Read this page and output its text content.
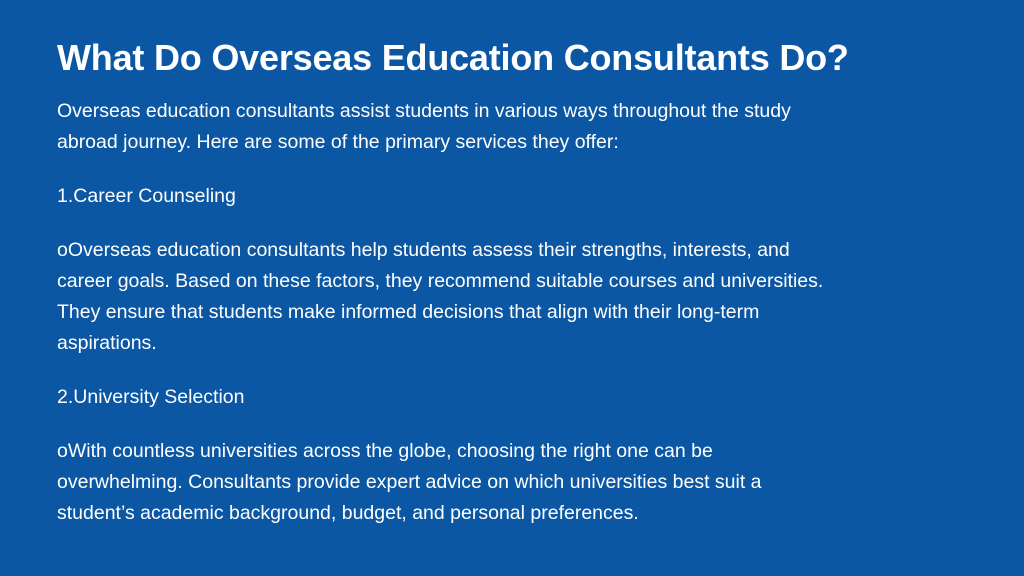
What Do Overseas Education Consultants Do?

Overseas education consultants assist students in various ways throughout the study abroad journey. Here are some of the primary services they offer:

1.Career Counseling

oOverseas education consultants help students assess their strengths, interests, and career goals. Based on these factors, they recommend suitable courses and universities. They ensure that students make informed decisions that align with their long-term aspirations.

2.University Selection

oWith countless universities across the globe, choosing the right one can be overwhelming. Consultants provide expert advice on which universities best suit a student’s academic background, budget, and personal preferences.
